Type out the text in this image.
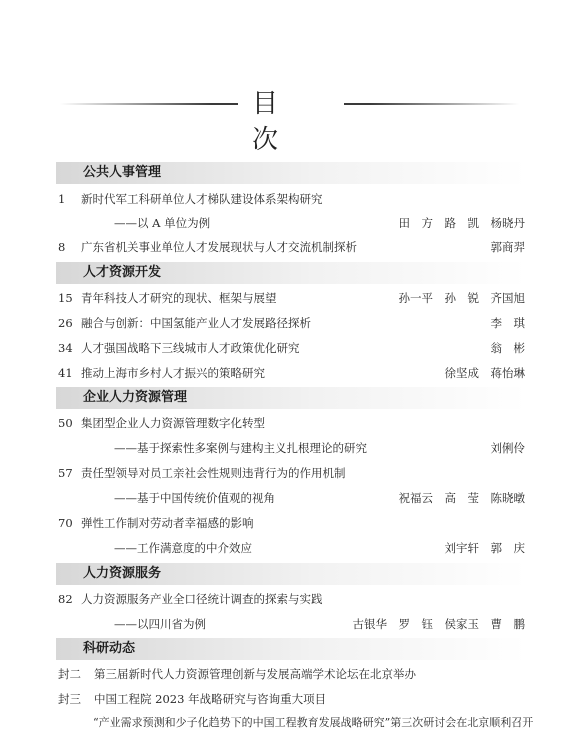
目 次
公共人事管理
1	新时代军工科研单位人才梯队建设体系架构研究
——以 A 单位为例	田　方　路　凯　杨晓丹
8	广东省机关事业单位人才发展现状与人才交流机制探析	郭商羿
人才资源开发
15 青年科技人才研究的现状、框架与展望	孙一平　孙　锐　齐国旭
26 融合与创新：中国氢能产业人才发展路径探析	李　琪
34 人才强国战略下三线城市人才政策优化研究	翁　彬
41 推动上海市乡村人才振兴的策略研究	徐坚成　蒋怡琳
企业人力资源管理
50 集团型企业人力资源管理数字化转型
——基于探索性多案例与建构主义扎根理论的研究	刘俐伶
57 责任型领导对员工亲社会性规则违背行为的作用机制
——基于中国传统价值观的视角	祝福云　高　莹　陈晓暾
70 弹性工作制对劳动者幸福感的影响
——工作满意度的中介效应	刘宇轩　郭　庆
人力资源服务
82 人力资源服务产业全口径统计调查的探索与实践
——以四川省为例	古银华　罗　钰　侯家玉　曹　鹏
科研动态
封二	第三届新时代人力资源管理创新与发展高端学术论坛在北京举办
封三	中国工程院 2023 年战略研究与咨询重大项目
“产业需求预测和少子化趋势下的中国工程教育发展战略研究”第三次研讨会在北京顺利召开
